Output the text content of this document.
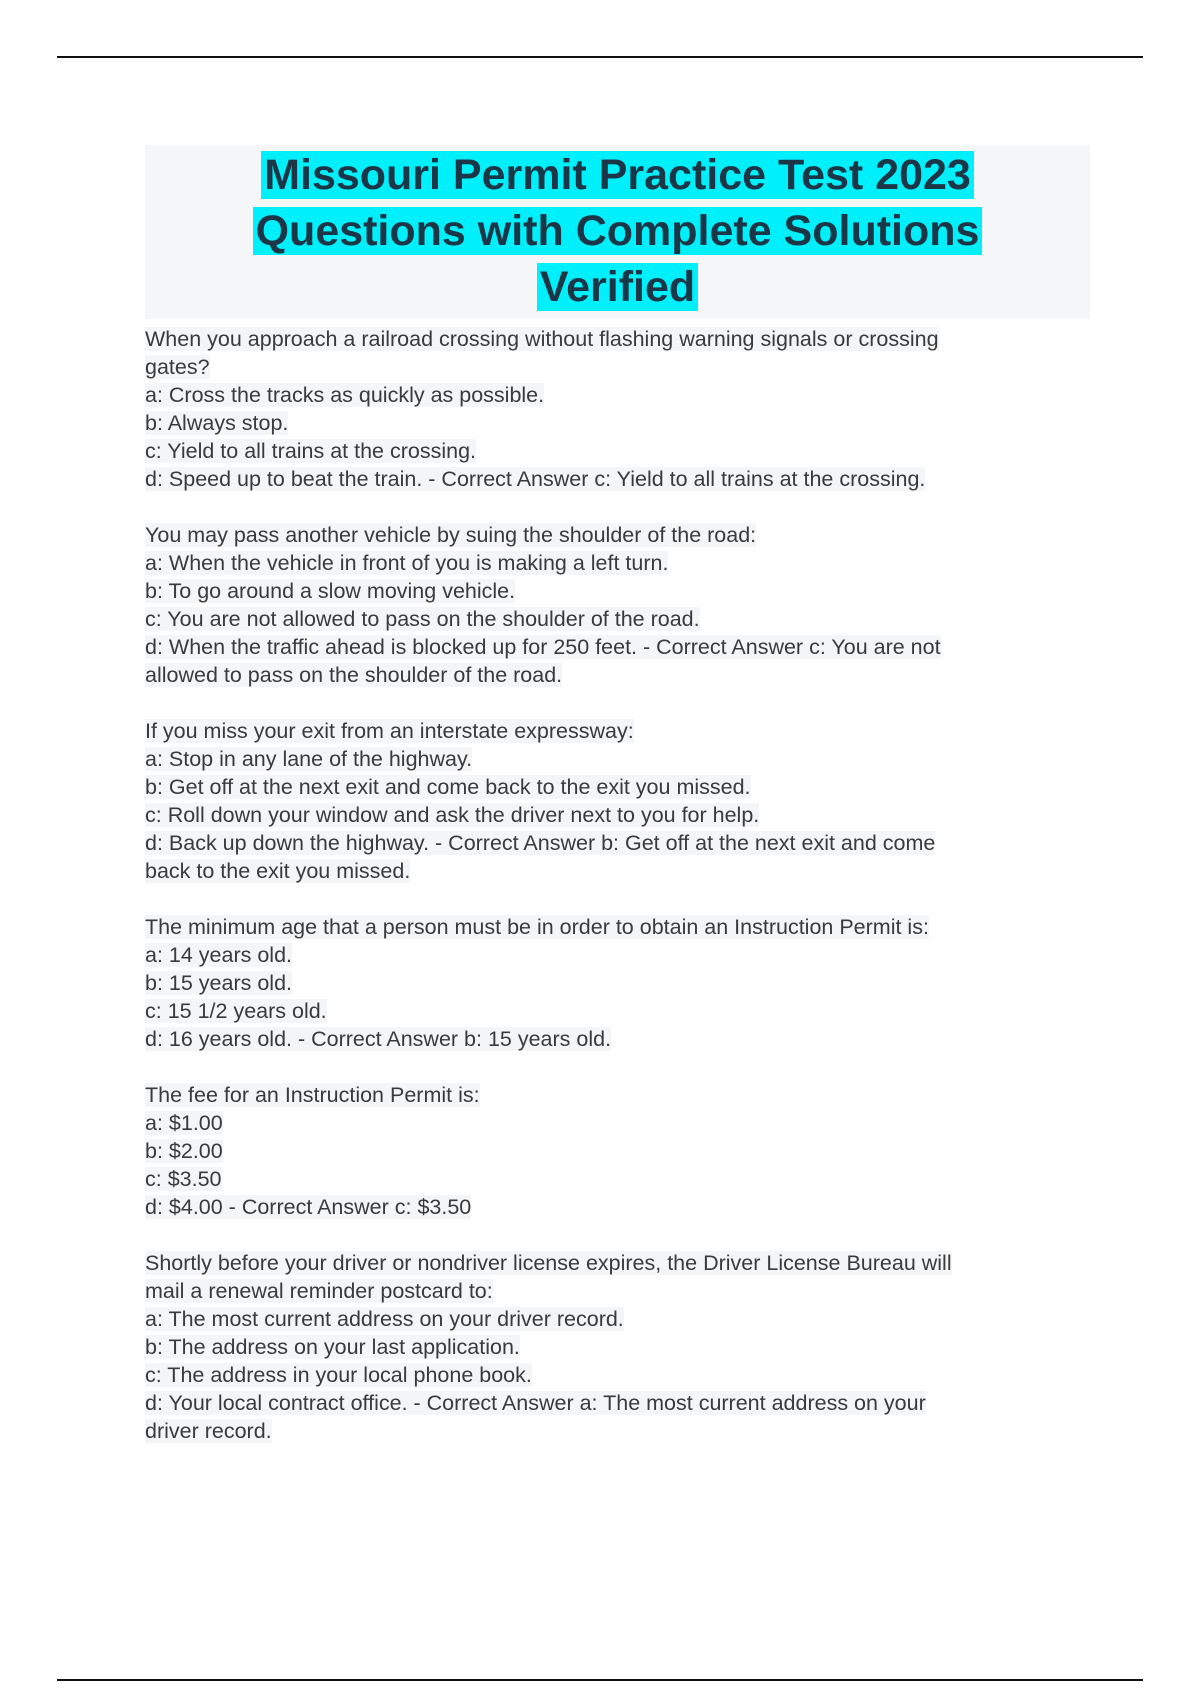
Missouri Permit Practice Test 2023
Questions with Complete Solutions
Verified
When you approach a railroad crossing without flashing warning signals or crossing
gates?
a: Cross the tracks as quickly as possible.
b: Always stop.
c: Yield to all trains at the crossing.
d: Speed up to beat the train. - Correct Answer c: Yield to all trains at the crossing.
You may pass another vehicle by suing the shoulder of the road:
a: When the vehicle in front of you is making a left turn.
b: To go around a slow moving vehicle.
c: You are not allowed to pass on the shoulder of the road.
d: When the traffic ahead is blocked up for 250 feet. - Correct Answer c: You are not
allowed to pass on the shoulder of the road.
If you miss your exit from an interstate expressway:
a: Stop in any lane of the highway.
b: Get off at the next exit and come back to the exit you missed.
c: Roll down your window and ask the driver next to you for help.
d: Back up down the highway. - Correct Answer b: Get off at the next exit and come
back to the exit you missed.
The minimum age that a person must be in order to obtain an Instruction Permit is:
a: 14 years old.
b: 15 years old.
c: 15 1/2 years old.
d: 16 years old. - Correct Answer b: 15 years old.
The fee for an Instruction Permit is:
a: $1.00
b: $2.00
c: $3.50
d: $4.00 - Correct Answer c: $3.50
Shortly before your driver or nondriver license expires, the Driver License Bureau will
mail a renewal reminder postcard to:
a: The most current address on your driver record.
b: The address on your last application.
c: The address in your local phone book.
d: Your local contract office. - Correct Answer a: The most current address on your
driver record.
